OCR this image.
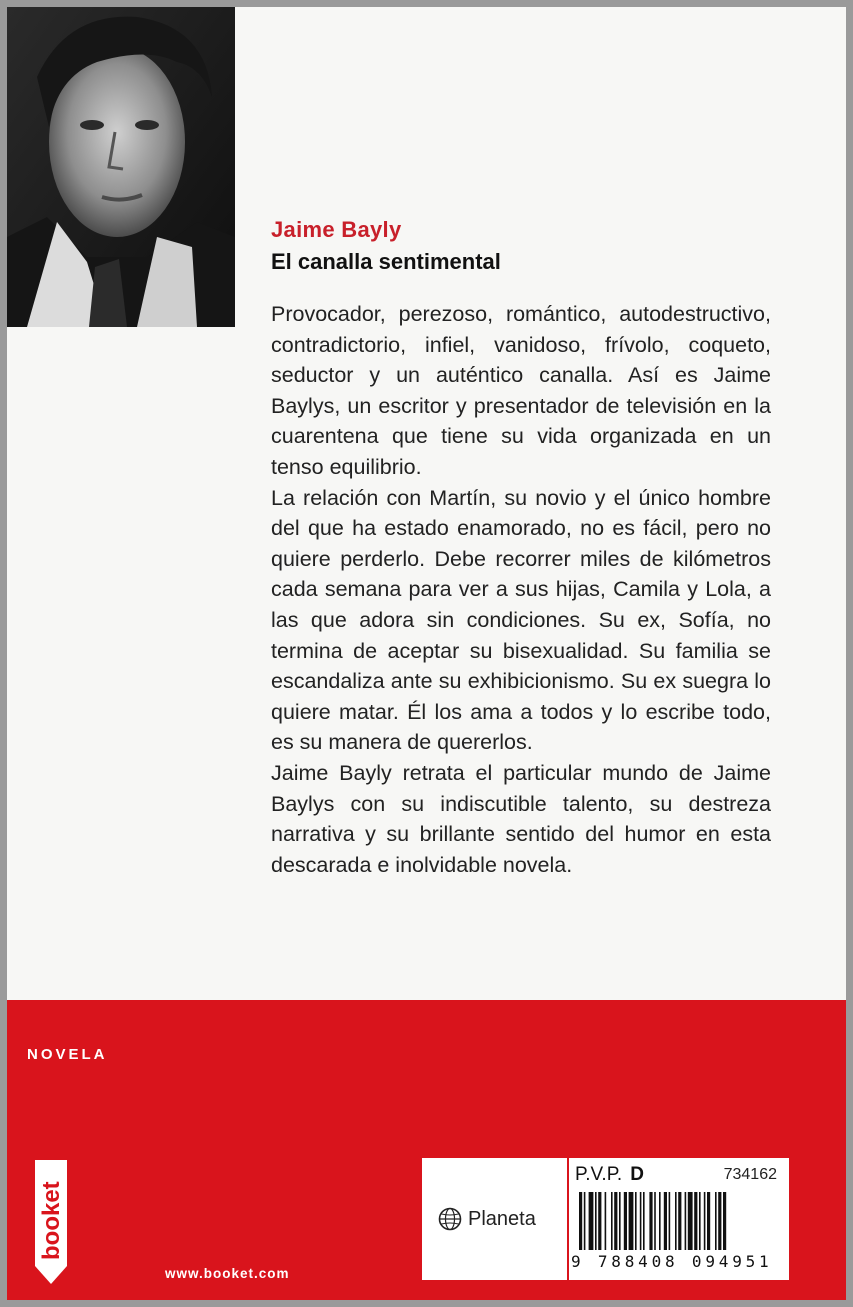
Jaime Bayly
El canalla sentimental

Provocador, perezoso, romántico, autodestructivo, contradictorio, infiel, vanidoso, frívolo, coqueto, seductor y un auténtico canalla. Así es Jaime Baylys, un escritor y presentador de televisión en la cuarentena que tiene su vida organizada en un tenso equilibrio.

La relación con Martín, su novio y el único hombre del que ha estado enamorado, no es fácil, pero no quiere perderlo. Debe recorrer miles de kilómetros cada semana para ver a sus hijas, Camila y Lola, a las que adora sin condiciones. Su ex, Sofía, no termina de aceptar su bisexualidad. Su familia se escandaliza ante su exhibicionismo. Su ex suegra lo quiere matar. Él los ama a todos y lo escribe todo, es su manera de quererlos.

Jaime Bayly retrata el particular mundo de Jaime Baylys con su indiscutible talento, su destreza narrativa y su brillante sentido del humor en esta descarada e inolvidable novela.

NOVELA
booket
www.booket.com
Planeta
P.V.P. D	734162
9 788408 094951
